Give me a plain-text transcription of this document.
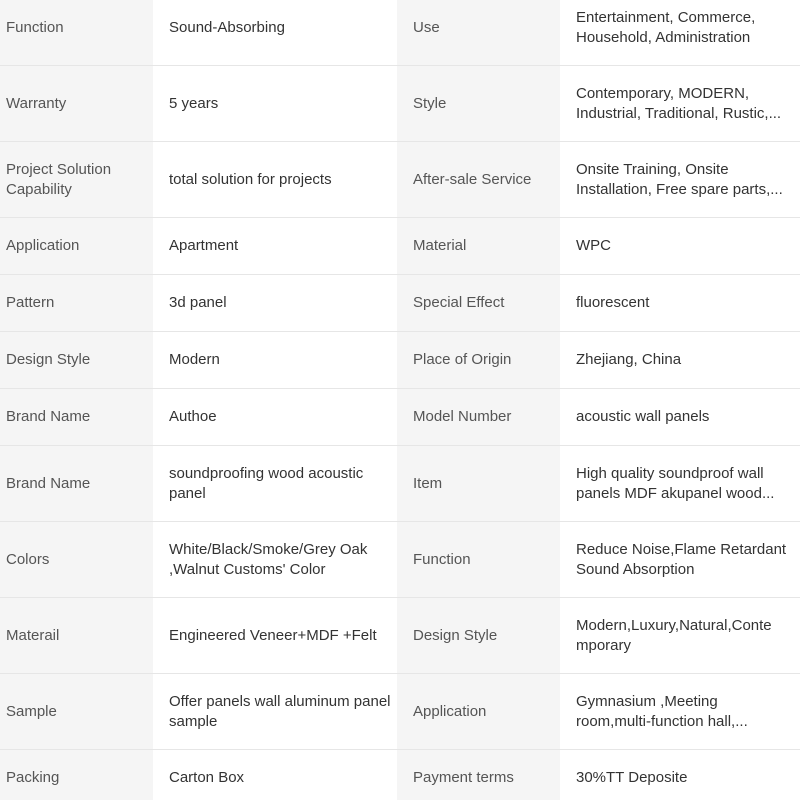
Function	Sound-Absorbing	Use	Entertainment, Commerce, Household, Administration

Warranty	5 years	Style	Contemporary, MODERN, Industrial, Traditional, Rustic,...

Project Solution Capability	total solution for projects	After-sale Service	Onsite Training, Onsite Installation, Free spare parts,...

Application	Apartment	Material	WPC

Pattern	3d panel	Special Effect	fluorescent

Design Style	Modern	Place of Origin	Zhejiang, China

Brand Name	Authoe	Model Number	acoustic wall panels

Brand Name	soundproofing wood acoustic panel	Item	High quality soundproof wall panels MDF akupanel wood...

Colors	White/Black/Smoke/Grey Oak ,Walnut Customs' Color	Function	Reduce Noise,Flame Retardant Sound Absorption

Materail	Engineered Veneer+MDF +Felt	Design Style	Modern,Luxury,Natural,Conte mporary

Sample	Offer panels wall aluminum panel sample	Application	Gymnasium ,Meeting room,multi-function hall,...

Packing	Carton Box	Payment terms	30%TT Deposite
